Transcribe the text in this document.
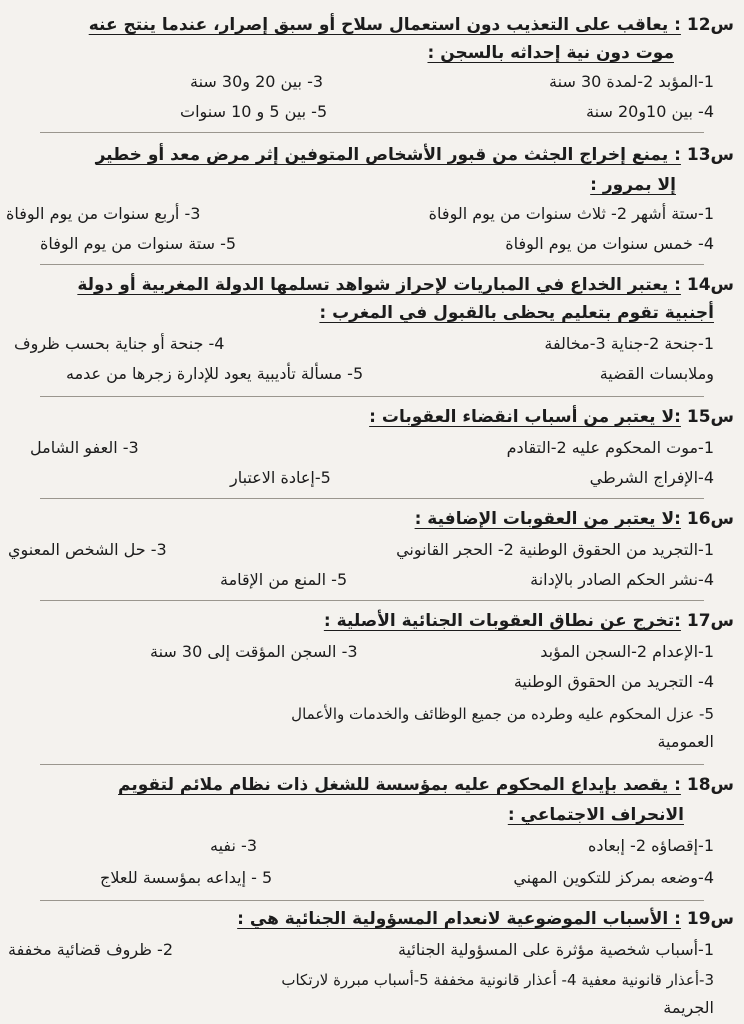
س12 : يعاقب على التعذيب دون استعمال سلاح أو سبق إصرار، عندما ينتج عنه
موت دون نية إحداثه بالسجن :
1-المؤبد 2-لمدة 30 سنة
3- بين 20 و30 سنة
4- بين 10و20 سنة
5- بين 5 و 10 سنوات
س13 : يمنع إخراج الجثث من قبور الأشخاص المتوفين إثر مرض معد أو خطير
إلا بمرور :
1-ستة أشهر 2- ثلاث سنوات من يوم الوفاة
3- أربع سنوات من يوم الوفاة
4- خمس سنوات من يوم الوفاة
5- ستة سنوات من يوم الوفاة
س14 : يعتبر الخداع في المباريات لإحراز شواهد تسلمها الدولة المغربية أو دولة
أجنبية تقوم بتعليم يحظى بالقبول في المغرب :
1-جنحة 2-جناية 3-مخالفة
4- جنحة أو جناية بحسب ظروف
وملابسات القضية
5- مسألة تأديبية يعود للإدارة زجرها من عدمه
س15 :لا يعتبر من أسباب انقضاء العقوبات :
1-موت المحكوم عليه 2-التقادم
3- العفو الشامل
4-الإفراج الشرطي
5-إعادة الاعتبار
س16 :لا يعتبر من العقوبات الإضافية :
1-التجريد من الحقوق الوطنية 2- الحجر القانوني
3- حل الشخص المعنوي
4-نشر الحكم الصادر بالإدانة
5- المنع من الإقامة
س17 :تخرج عن نطاق العقوبات الجنائية الأصلية :
1-الإعدام 2-السجن المؤبد
3- السجن المؤقت إلى 30 سنة
4- التجريد من الحقوق الوطنية
5- عزل المحكوم عليه وطرده من جميع الوظائف والخدمات والأعمال
العمومية
س18 : يقصد بإيداع المحكوم عليه بمؤسسة للشغل ذات نظام ملائم لتقويم
الانحراف الاجتماعي :
1-إقصاؤه 2- إبعاده
3- نفيه
4-وضعه بمركز للتكوين المهني
5 - إيداعه بمؤسسة للعلاج
س19 : الأسباب الموضوعية لانعدام المسؤولية الجنائية هي :
1-أسباب شخصية مؤثرة على المسؤولية الجنائية
2- ظروف قضائية مخففة
3-أعذار قانونية معفية 4- أعذار قانونية مخففة 5-أسباب مبررة لارتكاب
الجريمة
